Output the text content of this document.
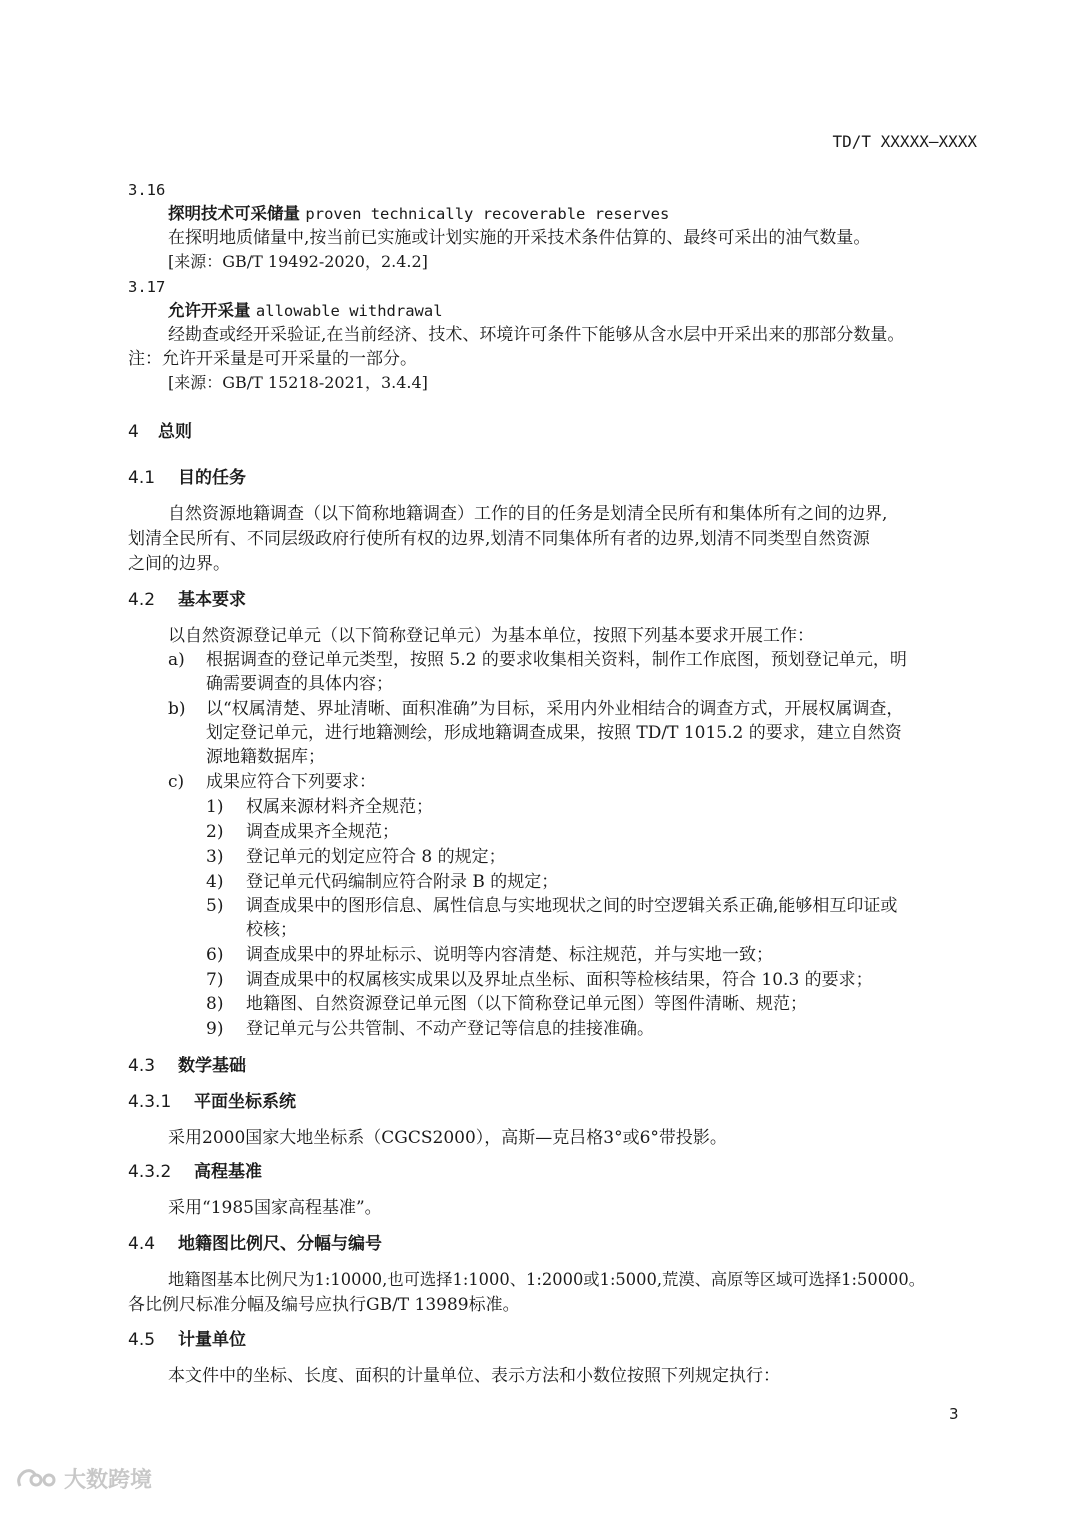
TD/T XXXXX—XXXX
3.16
探明技术可采储量 proven technically recoverable reserves
在探明地质储量中,按当前已实施或计划实施的开采技术条件估算的、最终可采出的油气数量。
[来源：GB/T 19492-2020，2.4.2]
3.17
允许开采量 allowable withdrawal
经勘查或经开采验证,在当前经济、技术、环境许可条件下能够从含水层中开采出来的那部分数量。
注：允许开采量是可开采量的一部分。
[来源：GB/T 15218-2021，3.4.4]
4 总则
4.1 目的任务
自然资源地籍调查（以下简称地籍调查）工作的目的任务是划清全民所有和集体所有之间的边界,
划清全民所有、不同层级政府行使所有权的边界,划清不同集体所有者的边界,划清不同类型自然资源
之间的边界。
4.2 基本要求
以自然资源登记单元（以下简称登记单元）为基本单位，按照下列基本要求开展工作：
a) 根据调查的登记单元类型，按照 5.2 的要求收集相关资料，制作工作底图，预划登记单元，明
确需要调查的具体内容；
b) 以“权属清楚、界址清晰、面积准确”为目标，采用内外业相结合的调查方式，开展权属调查，
划定登记单元，进行地籍测绘，形成地籍调查成果，按照 TD/T 1015.2 的要求，建立自然资
源地籍数据库；
c) 成果应符合下列要求：
1) 权属来源材料齐全规范；
2) 调查成果齐全规范；
3) 登记单元的划定应符合 8 的规定；
4) 登记单元代码编制应符合附录 B 的规定；
5) 调查成果中的图形信息、属性信息与实地现状之间的时空逻辑关系正确,能够相互印证或
校核；
6) 调查成果中的界址标示、说明等内容清楚、标注规范，并与实地一致；
7) 调查成果中的权属核实成果以及界址点坐标、面积等检核结果，符合 10.3 的要求；
8) 地籍图、自然资源登记单元图（以下简称登记单元图）等图件清晰、规范；
9) 登记单元与公共管制、不动产登记等信息的挂接准确。
4.3 数学基础
4.3.1 平面坐标系统
采用2000国家大地坐标系（CGCS2000），高斯—克吕格3°或6°带投影。
4.3.2 高程基准
采用“1985国家高程基准”。
4.4 地籍图比例尺、分幅与编号
地籍图基本比例尺为1:10000,也可选择1:1000、1:2000或1:5000,荒漠、高原等区域可选择1:50000。
各比例尺标准分幅及编号应执行GB/T 13989标准。
4.5 计量单位
本文件中的坐标、长度、面积的计量单位、表示方法和小数位按照下列规定执行：
3
大数跨境
